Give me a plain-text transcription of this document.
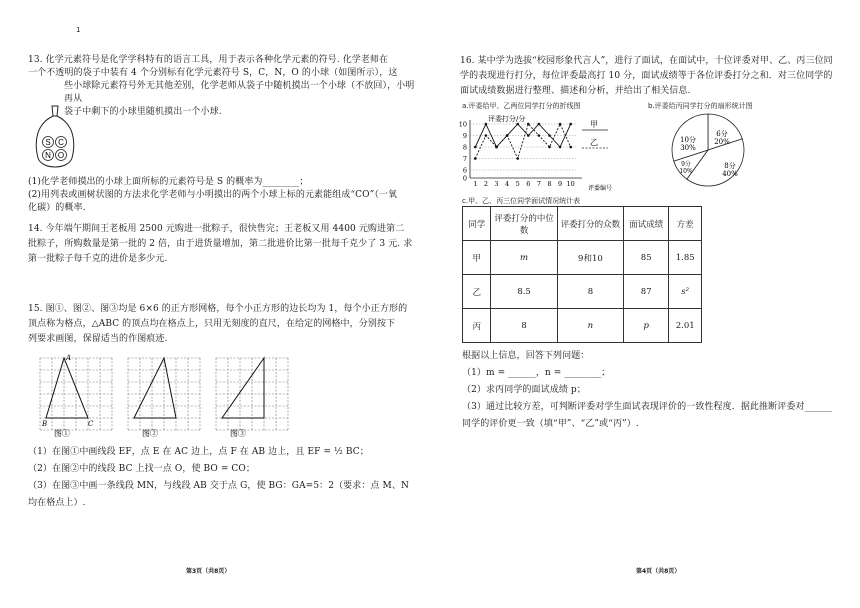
1
13. 化学元素符号是化学学科特有的语言工具，用于表示各种化学元素的符号. 化学老师在
一个不透明的袋子中装有 4 个分别标有化学元素符号 S，C，N，O 的小球（如图所示），这
些小球除元素符号外无其他差别，化学老师从袋子中随机摸出一个小球（不放回），小明再从
袋子中剩下的小球里随机摸出一个小球.
S C
N O
(1)化学老师摸出的小球上面所标的元素符号是 S 的概率为________；
(2)用列表或画树状图的方法求化学老师与小明摸出的两个小球上标的元素能组成“CO”（一氧
化碳）的概率.
14. 今年端午期间王老板用 2500 元购进一批粽子，很快售完；王老板又用 4400 元购进第二
批粽子，所购数量是第一批的 2 倍，由于进货量增加，第二批进价比第一批每千克少了 3 元. 求
第一批粽子每千克的进价是多少元.
15. 图①、图②、图③均是 6×6 的正方形网格，每个小正方形的边长均为 1，每个小正方形的
顶点称为格点，△ABC 的顶点均在格点上，只用无刻度的直尺，在给定的网格中，分别按下
列要求画图，保留适当的作图痕迹.
A
B	C
图①	图②	图③
（1）在图①中画线段 EF，点 E 在 AC 边上，点 F 在 AB 边上，且 EF = ½ BC；
（2）在图②中的线段 BC 上找一点 O，使 BO = CO；
（3）在图③中画一条线段 MN，与线段 AB 交于点 G，使 BG：GA=5：2（要求：点 M、N
均在格点上）.
第3页（共8页）
16. 某中学为选拔“校园形象代言人”，进行了面试，在面试中，十位评委对甲、乙、丙三位同
学的表现进行打分，每位评委最高打 10 分，面试成绩等于各位评委打分之和．对三位同学的
面试成绩数据进行整理、描述和分析，并给出了相关信息.
a.评委给甲、乙两位同学打分的折线图	b.评委给丙同学打分的扇形统计图
评委打分/分
评委编号
0
6
7
8
9
10
1 2 3 4 5 6 7 8 9 10
甲
乙
6分
20%
8分
40%
9分
10%
10分
30%
c.甲、乙、丙三位同学面试情况统计表
同学	评委打分的中位数	评委打分的众数	面试成绩	方差
甲	m	9和10	85	1.85
乙	8.5	8	87	s²
丙	8	n	p	2.01
根据以上信息，回答下列问题：
（1）m = ______，n = ________；
（2）求丙同学的面试成绩 p；
（3）通过比较方差，可判断评委对学生面试表现评价的一致性程度．据此推断评委对______
同学的评价更一致（填“甲”、“乙”或“丙”）.
第4页（共8页）
